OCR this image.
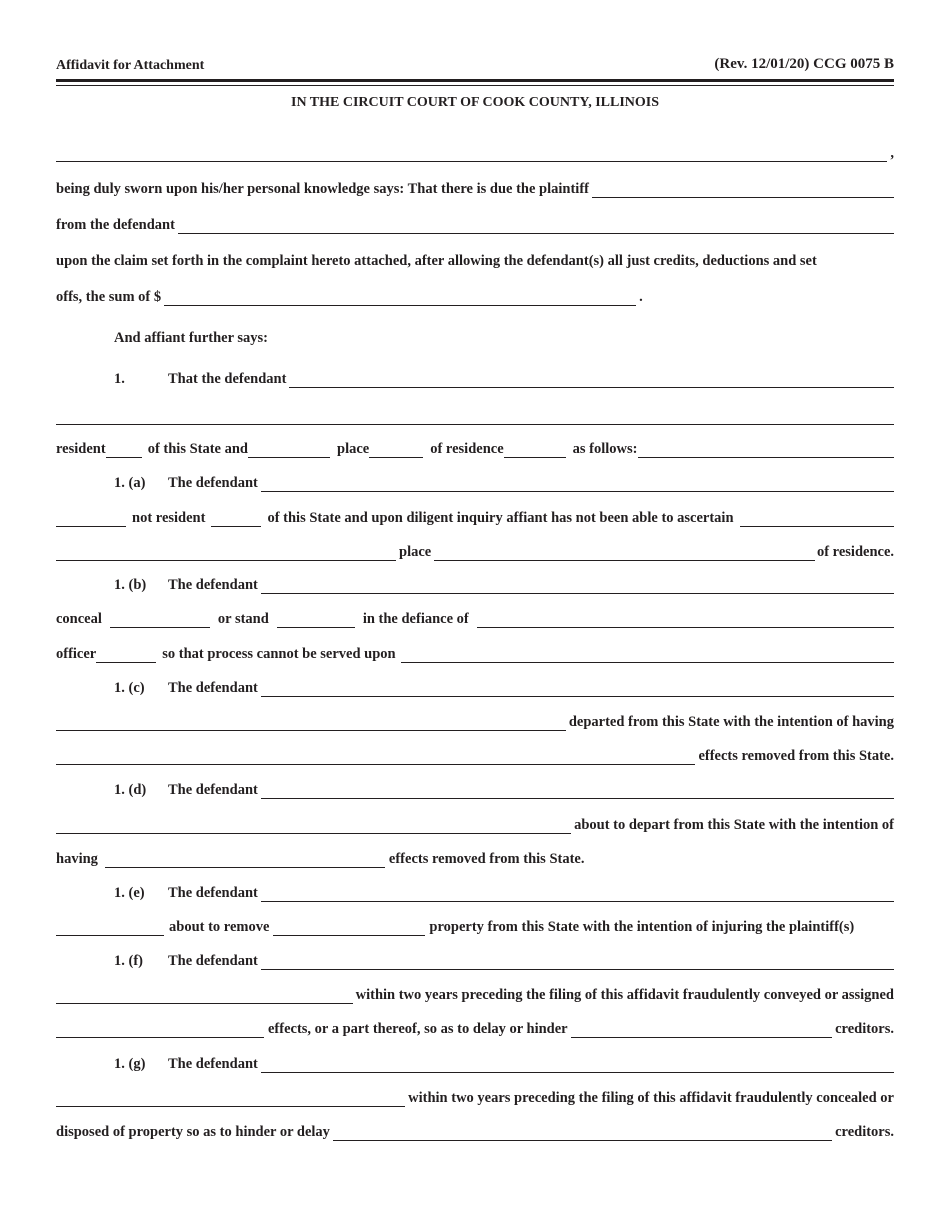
Affidavit for Attachment	(Rev. 12/01/20) CCG 0075 B
IN THE CIRCUIT COURT OF COOK COUNTY, ILLINOIS
,
being duly sworn upon his/her personal knowledge says: That there is due the plaintiff
from the defendant
upon the claim set forth in the complaint hereto attached, after allowing the defendant(s) all just credits, deductions and set
offs, the sum of $	.
And affiant further says:
1.	That the defendant
resident	of this State and	place	of residence	as follows:
1. (a)	The defendant
not resident	of this State and upon diligent inquiry affiant has not been able to ascertain
place	of residence.
1. (b)	The defendant
conceal	or stand	in the defiance of
officer	so that process cannot be served upon
1. (c)	The defendant
departed from this State with the intention of having
effects removed from this State.
1. (d)	The defendant
about to depart from this State with the intention of
having	effects removed from this State.
1. (e)	The defendant
about to remove	property from this State with the intention of injuring the plaintiff(s)
1. (f)	The defendant
within two years preceding the filing of this affidavit fraudulently conveyed or assigned
effects, or a part thereof, so as to delay or hinder	creditors.
1. (g)	The defendant
within two years preceding the filing of this affidavit fraudulently concealed or
disposed of property so as to hinder or delay	creditors.
